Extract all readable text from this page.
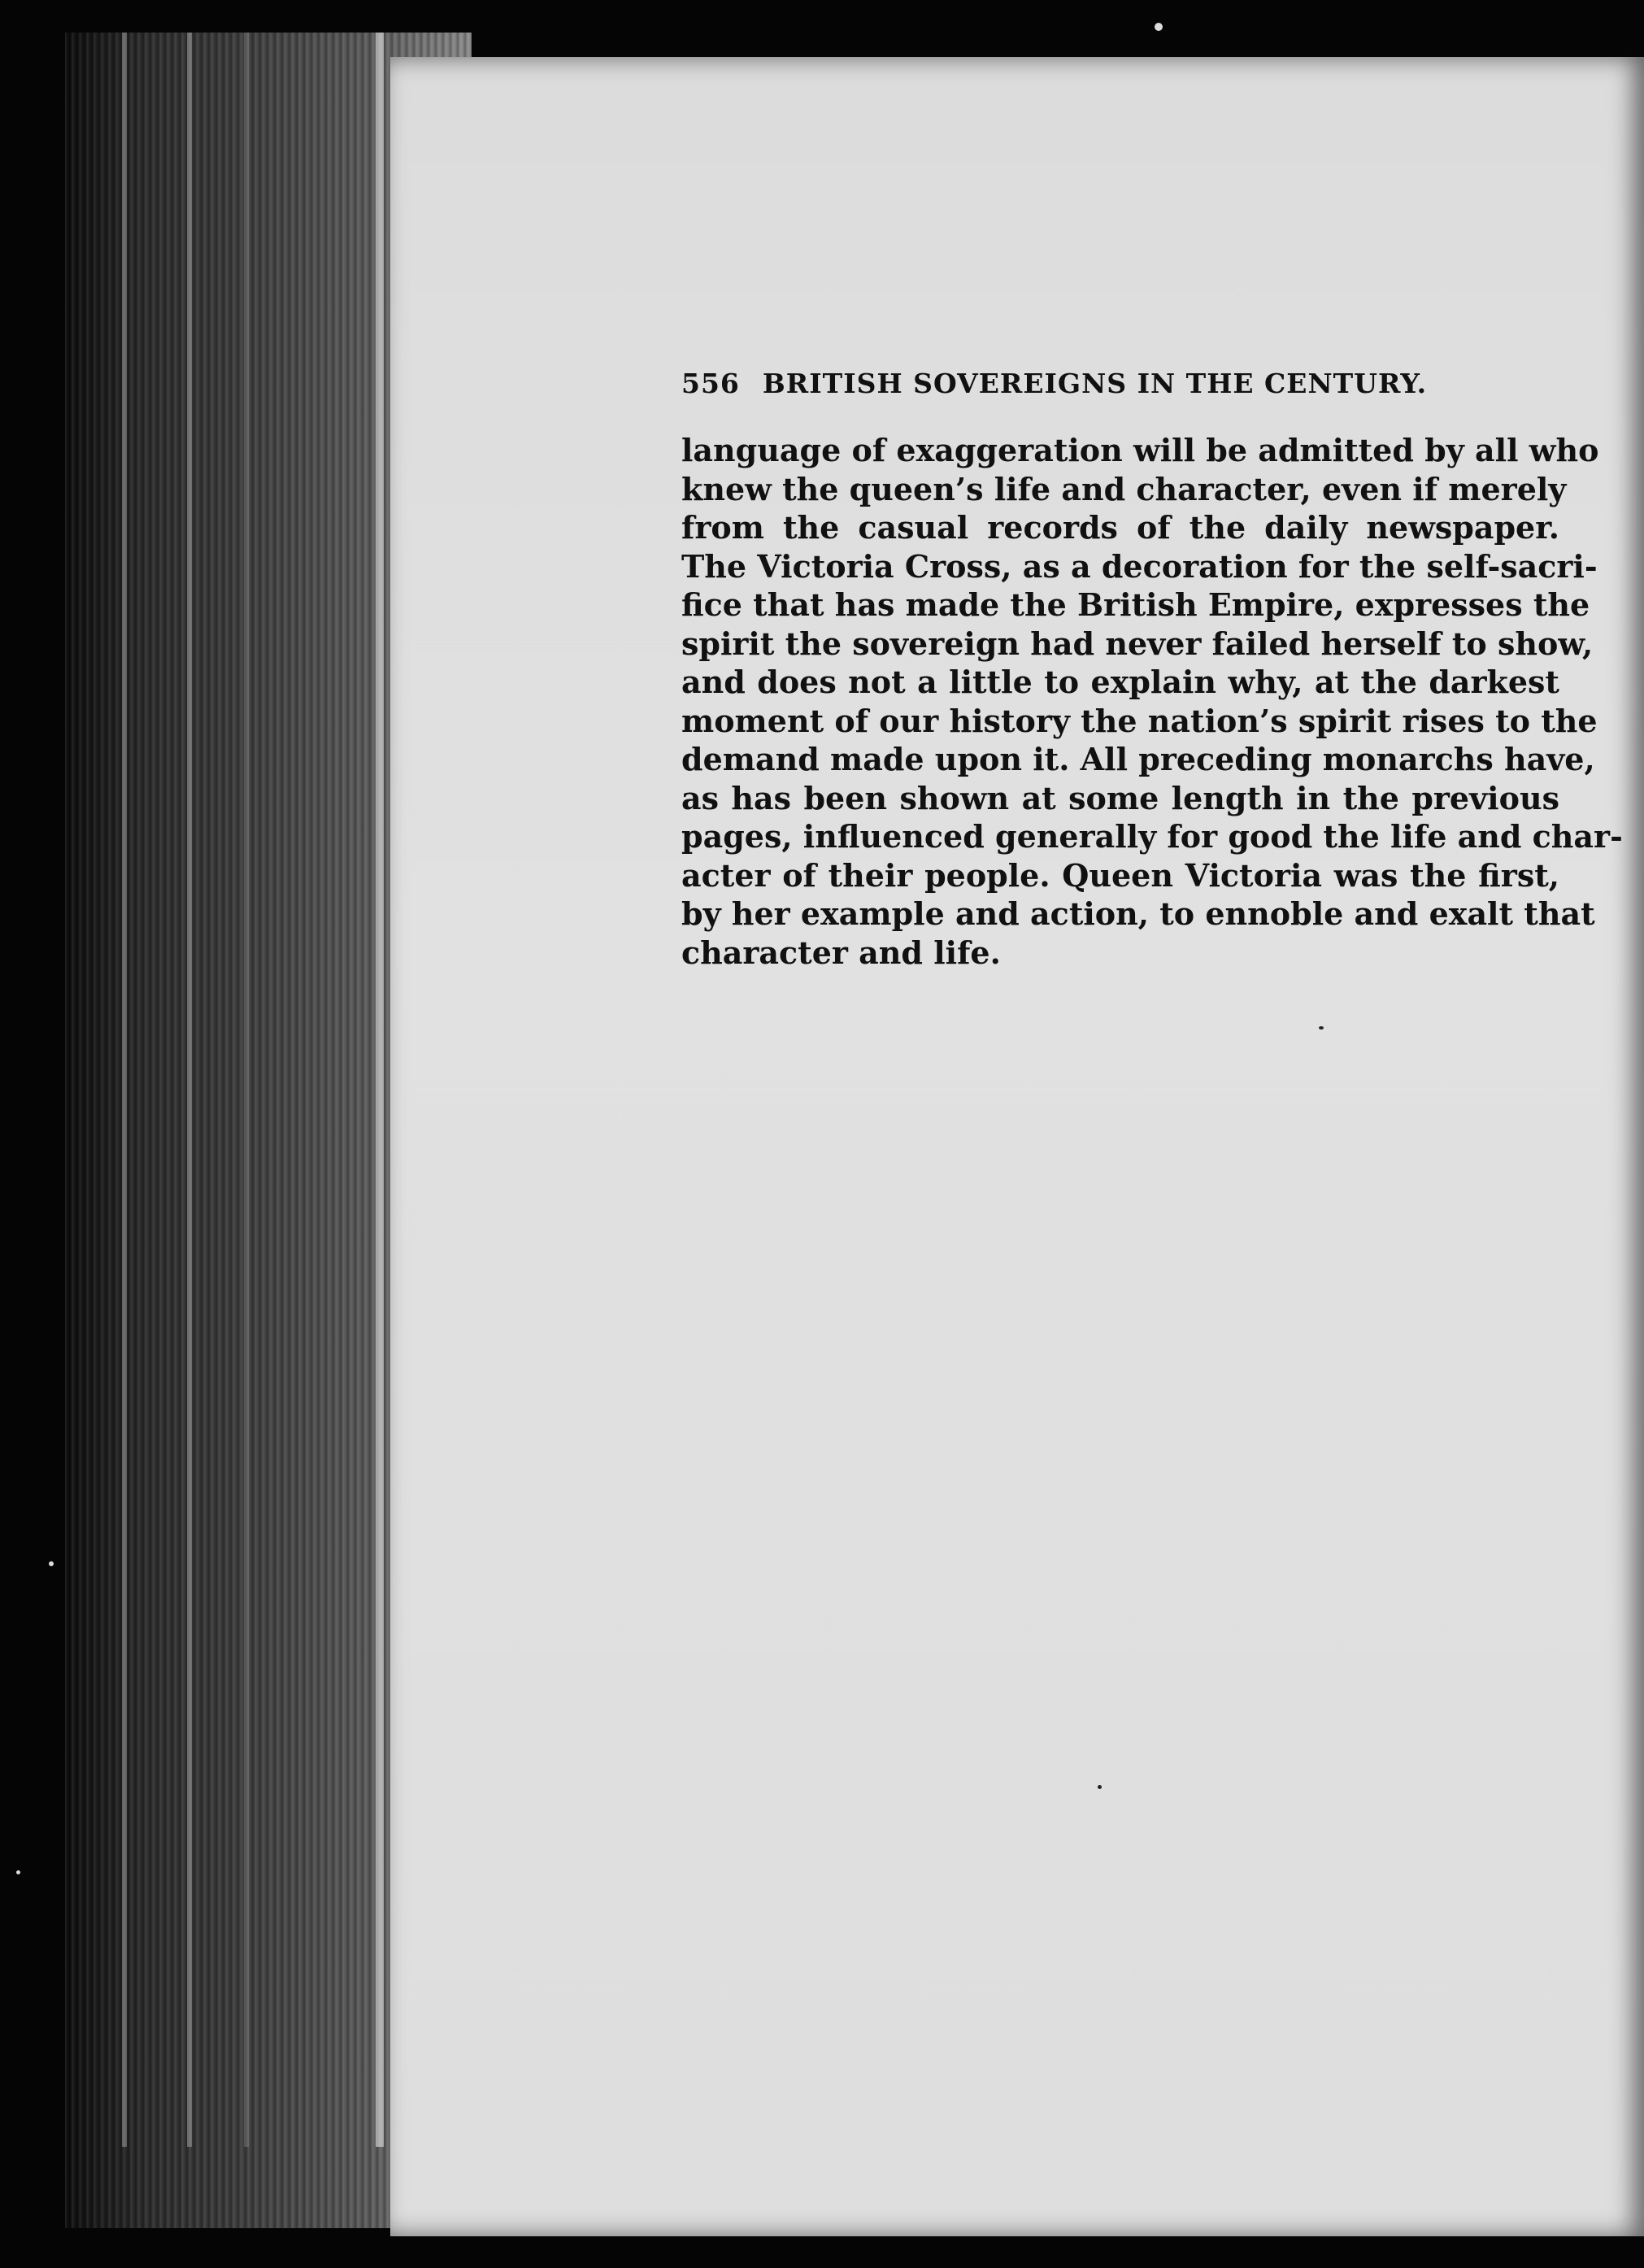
556 BRITISH SOVEREIGNS IN THE CENTURY.
language of exaggeration will be admitted by all who
knew the queen’s life and character, even if merely
from the casual records of the daily newspaper.
The Victoria Cross, as a decoration for the self-sacri-
fice that has made the British Empire, expresses the
spirit the sovereign had never failed herself to show,
and does not a little to explain why, at the darkest
moment of our history the nation’s spirit rises to the
demand made upon it. All preceding monarchs have,
as has been shown at some length in the previous
pages, influenced generally for good the life and char-
acter of their people. Queen Victoria was the first,
by her example and action, to ennoble and exalt that
character and life.
